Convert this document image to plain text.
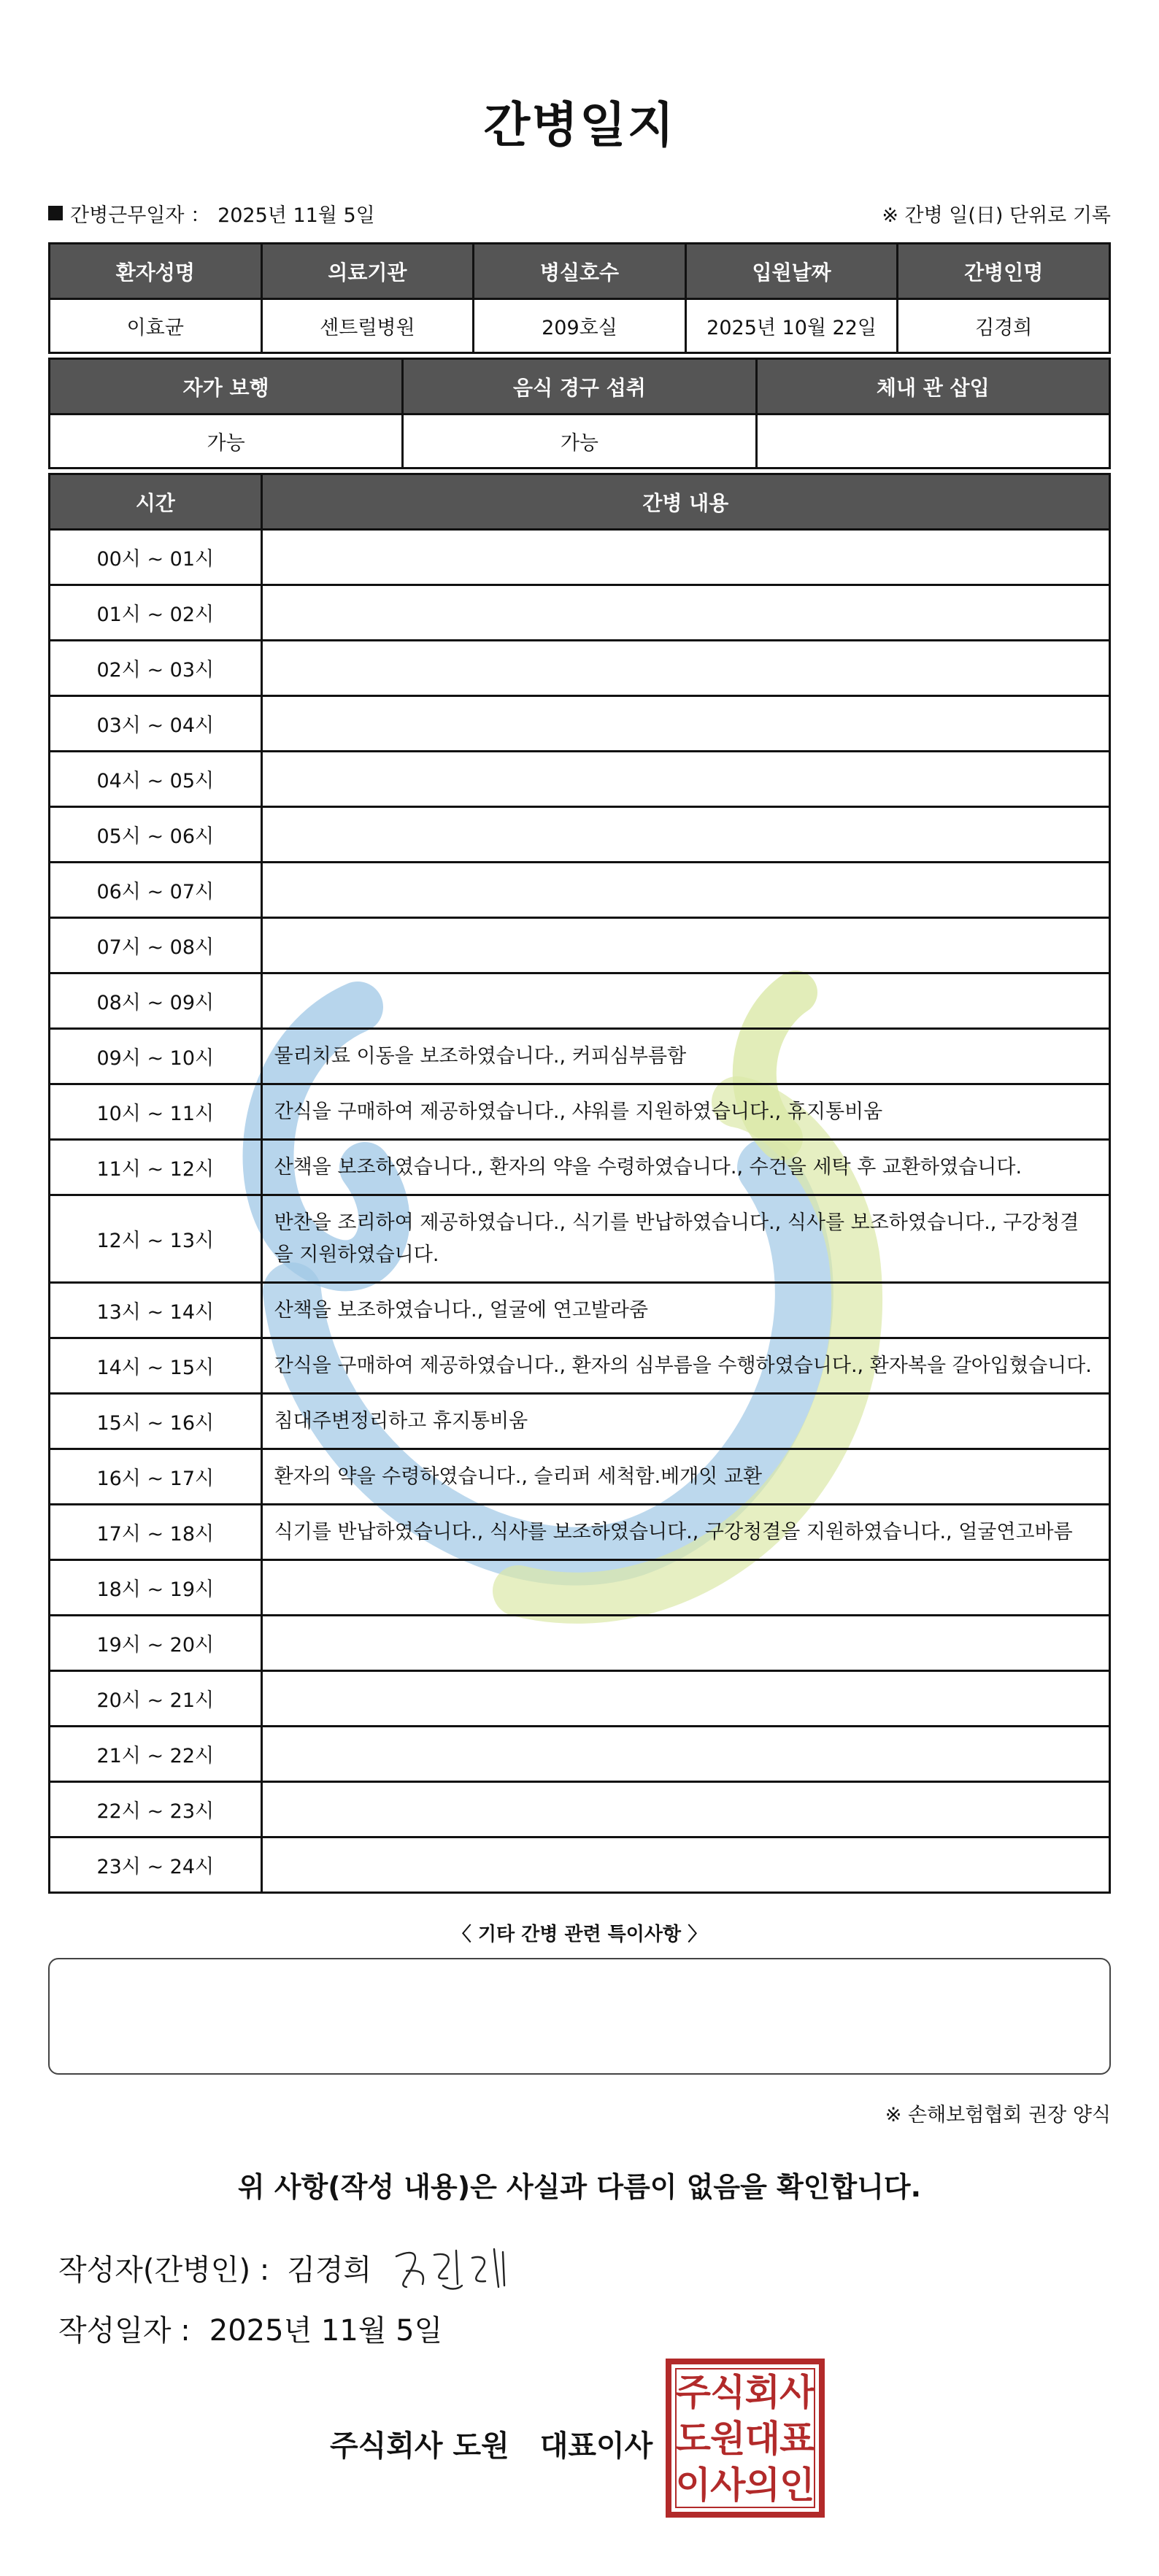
간병일지
간병근무일자 ： 2025년 11월 5일	※ 간병 일(日) 단위로 기록
환자성명	의료기관	병실호수	입원날짜	간병인명
이효균	센트럴병원	209호실	2025년 10월 22일	김경희
자가 보행	음식 경구 섭취	체내 관 삽입
가능	가능	
시간	간병 내용
00시 ~ 01시	
01시 ~ 02시	
02시 ~ 03시	
03시 ~ 04시	
04시 ~ 05시	
05시 ~ 06시	
06시 ~ 07시	
07시 ~ 08시	
08시 ~ 09시	
09시 ~ 10시	물리치료 이동을 보조하였습니다., 커피심부름함
10시 ~ 11시	간식을 구매하여 제공하였습니다., 샤워를 지원하였습니다., 휴지통비움
11시 ~ 12시	산책을 보조하였습니다., 환자의 약을 수령하였습니다., 수건을 세탁 후 교환하였습니다.
12시 ~ 13시	반찬을 조리하여 제공하였습니다., 식기를 반납하였습니다., 식사를 보조하였습니다., 구강청결을 지원하였습니다.
13시 ~ 14시	산책을 보조하였습니다., 얼굴에 연고발라줌
14시 ~ 15시	간식을 구매하여 제공하였습니다., 환자의 심부름을 수행하였습니다., 환자복을 갈아입혔습니다.
15시 ~ 16시	침대주변정리하고 휴지통비움
16시 ~ 17시	환자의 약을 수령하였습니다., 슬리퍼 세척함.베개잇 교환
17시 ~ 18시	식기를 반납하였습니다., 식사를 보조하였습니다., 구강청결을 지원하였습니다., 얼굴연고바름
18시 ~ 19시	
19시 ~ 20시	
20시 ~ 21시	
21시 ~ 22시	
22시 ~ 23시	
23시 ~ 24시	
〈 기타 간병 관련 특이사항 〉
※ 손해보험협회 권장 양식
위 사항(작성 내용)은 사실과 다름이 없음을 확인합니다.
작성자(간병인) : 김경희
작성일자 : 2025년 11월 5일
주식회사 도원 대표이사
주 식 회 사
도 원 대 표
이 사 의 인
